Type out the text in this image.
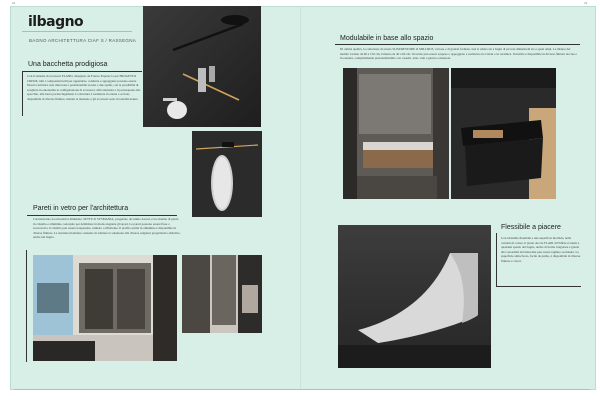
22	23
ilbagno
BAGNO ARCHITETTURA CIAF S / RASSEGNA
Una bacchetta prodigiosa
Con il sistema di accessori ELAND, disegnato da Franco Paparaci a per PROGETTO CRISOI, tutti i componenti utili per appendere, condurre e appoggiare possono essere fissati a un'unica asta rinnovata e posizionabile su una o due spalle, con la possibilità di scegliere in autonomia la configurazione di accessori, dalla mensola e il portasapone allo specchio, alla barra portasciugamani. La struttura è realizzata in ottone e acciaio, disponibile in diverse finiture, mentre le mensole e gli accessori sono in tonalità neutre.
Modulabile in base allo spazio
Di ottima qualità, la collezione di arredo SLIM/RESTORE di MILLDUE, vetrosa e di grande formato, ben si adatta sia a bagni di piccole dimensioni sia a spazi ampi. Le misure del mobile variano da 60 a 150 cm, l'altezza da 40 a 60 cm. Il lavabo può essere sospeso o appoggiato e realizzato in Corian o in ceramica. Il mobile è disponibile in diverse finiture laccate e in essenze, completamente personalizzabile con cassetti, ante, vani a giorno e mensole.
Pareti in vetro per l'architettura
Caratterizzato da un'estetica minimale, SETTE di SYSMANIA, progettato da Giulio Ascari, è un sistema di pareti in cristallo e alluminio concepito per delimitare in modo elegante gli spazi. Le pareti possono essere fisse o scorrevoli e il cristallo può essere trasparente, satinato o riflettente. Il profilo sottile in alluminio è disponibile in diverse finiture. La struttura modulare consente di adattare la soluzione alle diverse esigenze progettuali e abitative, anche nel bagno.
Flessibile a piacere
Con un'anima flessibile e una superficie morbida, nelle varianti di colore, il piatto doccia FLAIR di FORA si adatta a qualsiasi spazio del bagno, anche di forma irregolare e grazie alla versatilità del materiale può essere tagliato su misura. La superficie antiscivolo, facile da pulire, è disponibile in diverse finiture e colori.
